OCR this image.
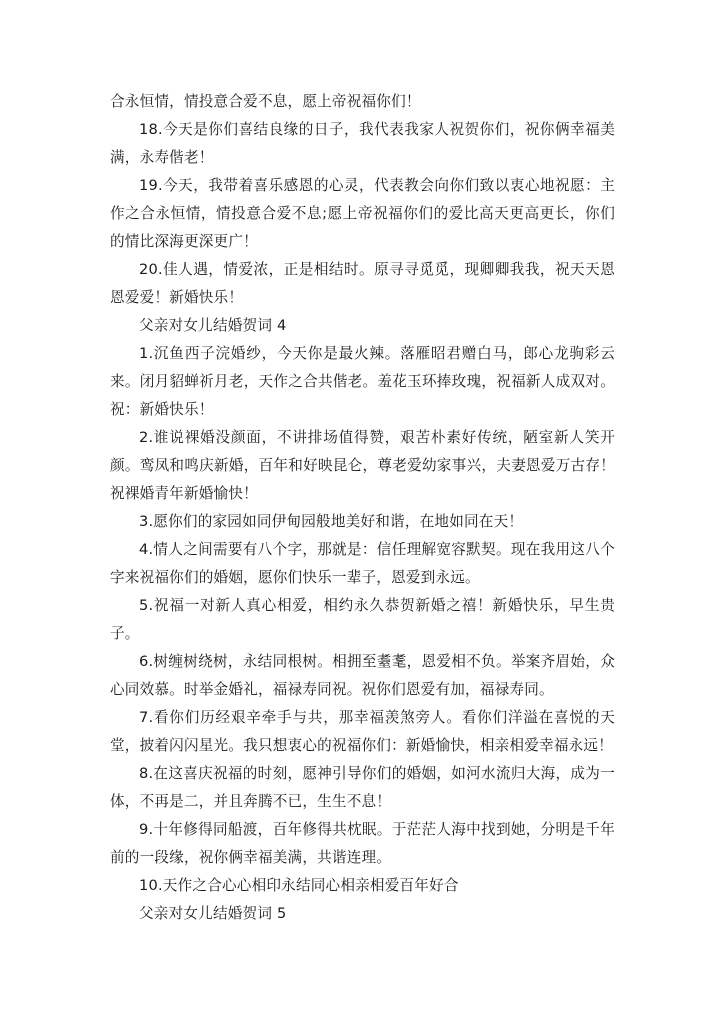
合永恒情，情投意合爱不息，愿上帝祝福你们！

18.今天是你们喜结良缘的日子，我代表我家人祝贺你们，祝你俩幸福美满，永寿偕老！

19.今天，我带着喜乐感恩的心灵，代表教会向你们致以衷心地祝愿：主作之合永恒情，情投意合爱不息;愿上帝祝福你们的爱比高天更高更长，你们的情比深海更深更广！

20.佳人遇，情爱浓，正是相结时。原寻寻觅觅，现卿卿我我，祝天天恩恩爱爱！新婚快乐！

父亲对女儿结婚贺词 4

1.沉鱼西子浣婚纱，今天你是最火辣。落雁昭君赠白马，郎心龙驹彩云来。闭月貂蝉祈月老，天作之合共偕老。羞花玉环捧玫瑰，祝福新人成双对。祝：新婚快乐！

2.谁说裸婚没颜面，不讲排场值得赞，艰苦朴素好传统，陋室新人笑开颜。鸾凤和鸣庆新婚，百年和好映昆仑，尊老爱幼家事兴，夫妻恩爱万古存！祝裸婚青年新婚愉快！

3.愿你们的家园如同伊甸园般地美好和谐，在地如同在天！

4.情人之间需要有八个字，那就是：信任理解宽容默契。现在我用这八个字来祝福你们的婚姻，愿你们快乐一辈子，恩爱到永远。

5.祝福一对新人真心相爱，相约永久恭贺新婚之禧！新婚快乐，早生贵子。

6.树缠树绕树，永结同根树。相拥至耋耄，恩爱相不负。举案齐眉始，众心同效慕。时举金婚礼，福禄寿同祝。祝你们恩爱有加，福禄寿同。

7.看你们历经艰辛牵手与共，那幸福羡煞旁人。看你们洋溢在喜悦的天堂，披着闪闪星光。我只想衷心的祝福你们：新婚愉快，相亲相爱幸福永远！

8.在这喜庆祝福的时刻，愿神引导你们的婚姻，如河水流归大海，成为一体，不再是二，并且奔腾不已，生生不息！

9.十年修得同船渡，百年修得共枕眠。于茫茫人海中找到她，分明是千年前的一段缘，祝你俩幸福美满，共谐连理。

10.天作之合心心相印永结同心相亲相爱百年好合

父亲对女儿结婚贺词 5
